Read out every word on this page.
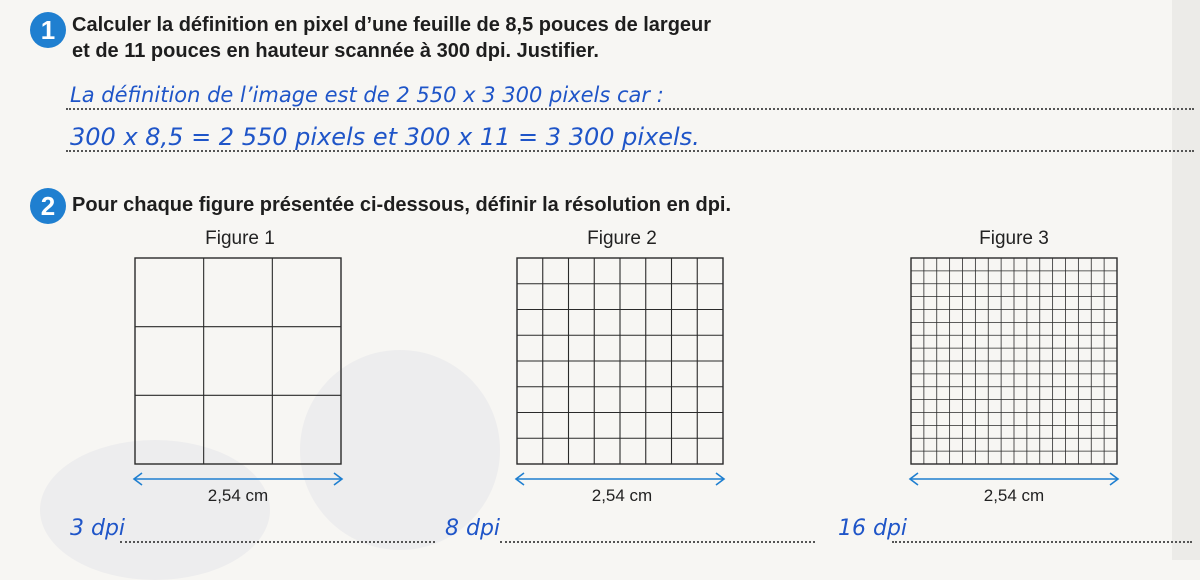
1 Calculer la définition en pixel d’une feuille de 8,5 pouces de largeur
et de 11 pouces en hauteur scannée à 300 dpi. Justifier.
La définition de l’image est de 2 550 x 3 300 pixels car :
300 x 8,5 = 2 550 pixels et 300 x 11 = 3 300 pixels.
2 Pour chaque figure présentée ci-dessous, définir la résolution en dpi.
Figure 1
2,54 cm
3 dpi
Figure 2
2,54 cm
8 dpi
Figure 3
2,54 cm
16 dpi
